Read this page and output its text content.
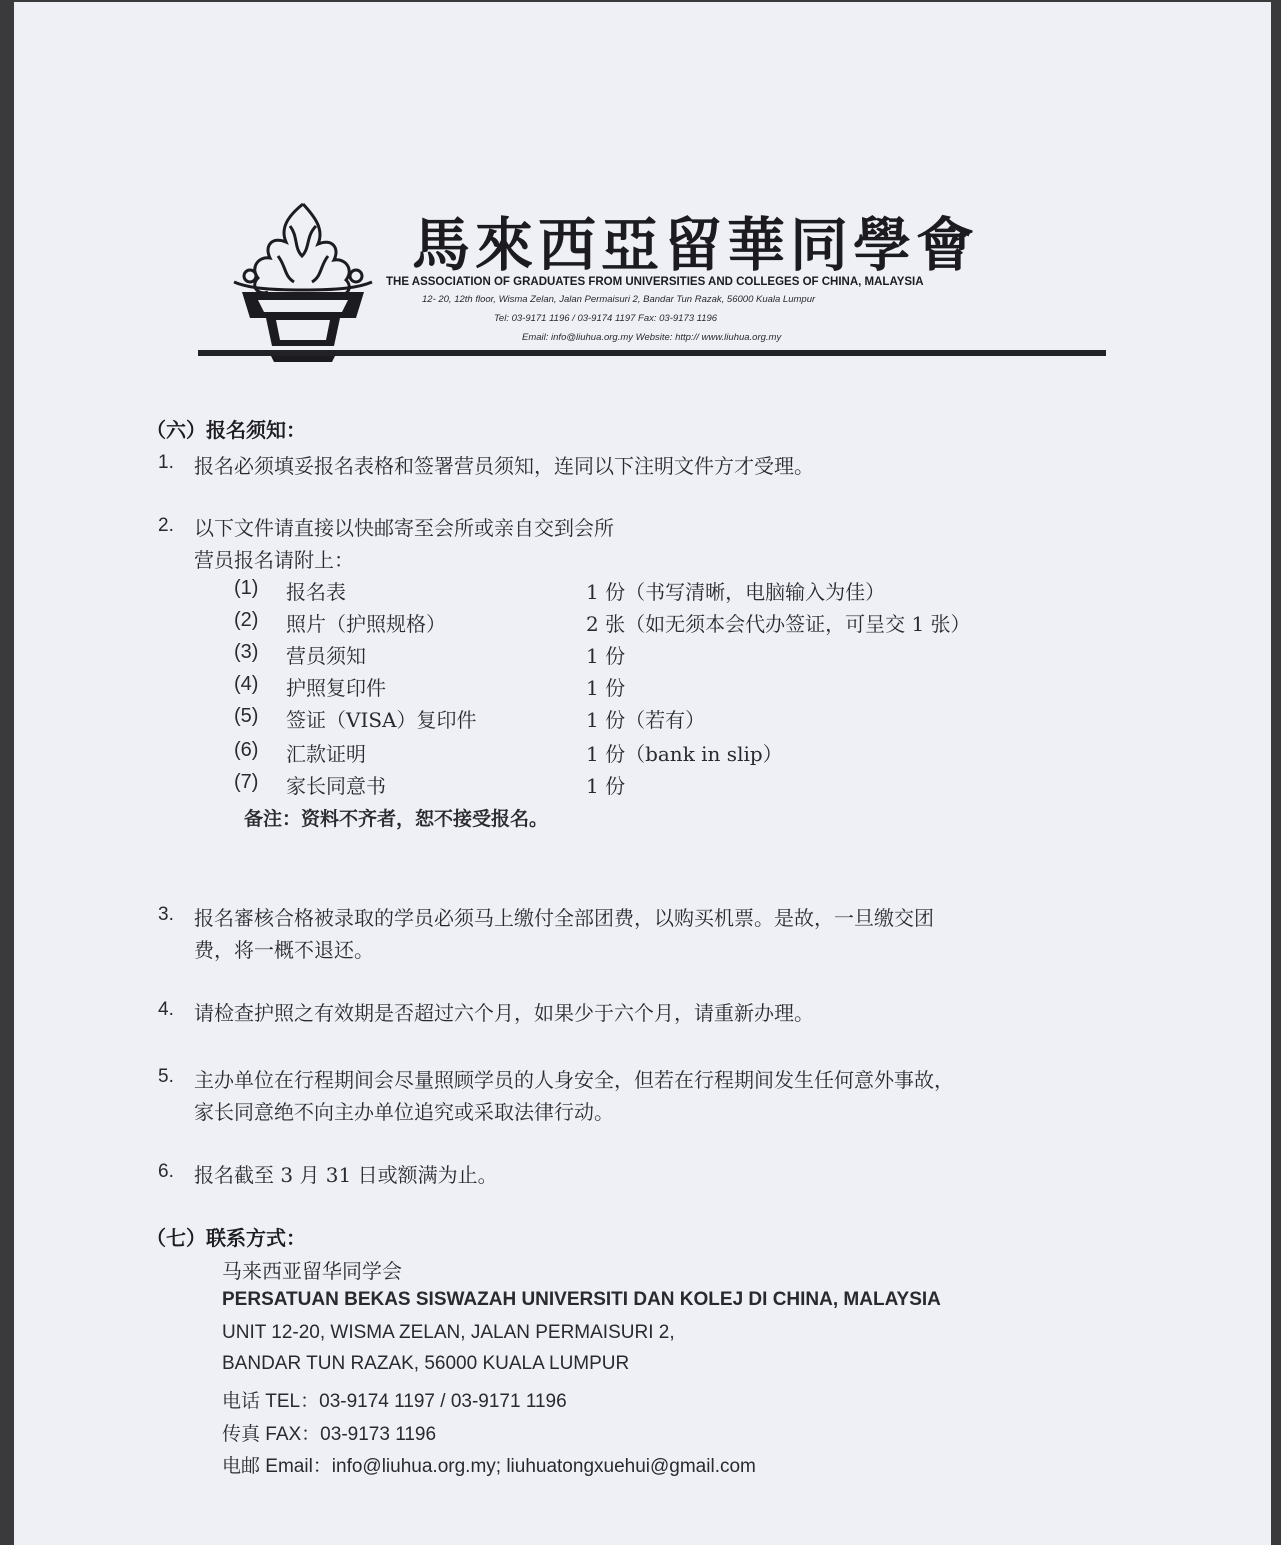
馬來西亞留華同學會
THE ASSOCIATION OF GRADUATES FROM UNIVERSITIES AND COLLEGES OF CHINA, MALAYSIA
12- 20, 12th floor, Wisma Zelan, Jalan Permaisuri 2, Bandar Tun Razak, 56000 Kuala Lumpur
Tel: 03-9171 1196 / 03-9174 1197 Fax: 03-9173 1196
Email: info@liuhua.org.my Website: http:// www.liuhua.org.my
（六）报名须知：
1. 报名必须填妥报名表格和签署营员须知，连同以下注明文件方才受理。
2. 以下文件请直接以快邮寄至会所或亲自交到会所
营员报名请附上：
(1) 报名表	1 份（书写清晰，电脑输入为佳）
(2) 照片（护照规格）	2 张（如无须本会代办签证，可呈交 1 张）
(3) 营员须知	1 份
(4) 护照复印件	1 份
(5) 签证（VISA）复印件	1 份（若有）
(6) 汇款证明	1 份（bank in slip）
(7) 家长同意书	1 份
备注：资料不齐者，恕不接受报名。
3. 报名審核合格被录取的学员必须马上缴付全部团费，以购买机票。是故，一旦缴交团
费，将一概不退还。
4. 请检查护照之有效期是否超过六个月，如果少于六个月，请重新办理。
5. 主办单位在行程期间会尽量照顾学员的人身安全，但若在行程期间发生任何意外事故，
家长同意绝不向主办单位追究或采取法律行动。
6. 报名截至 3 月 31 日或额满为止。
（七）联系方式：
马来西亚留华同学会
PERSATUAN BEKAS SISWAZAH UNIVERSITI DAN KOLEJ DI CHINA, MALAYSIA
UNIT 12-20, WISMA ZELAN, JALAN PERMAISURI 2,
BANDAR TUN RAZAK, 56000 KUALA LUMPUR
电话 TEL：03-9174 1197 / 03-9171 1196
传真 FAX：03-9173 1196
电邮 Email：info@liuhua.org.my; liuhuatongxuehui@gmail.com
